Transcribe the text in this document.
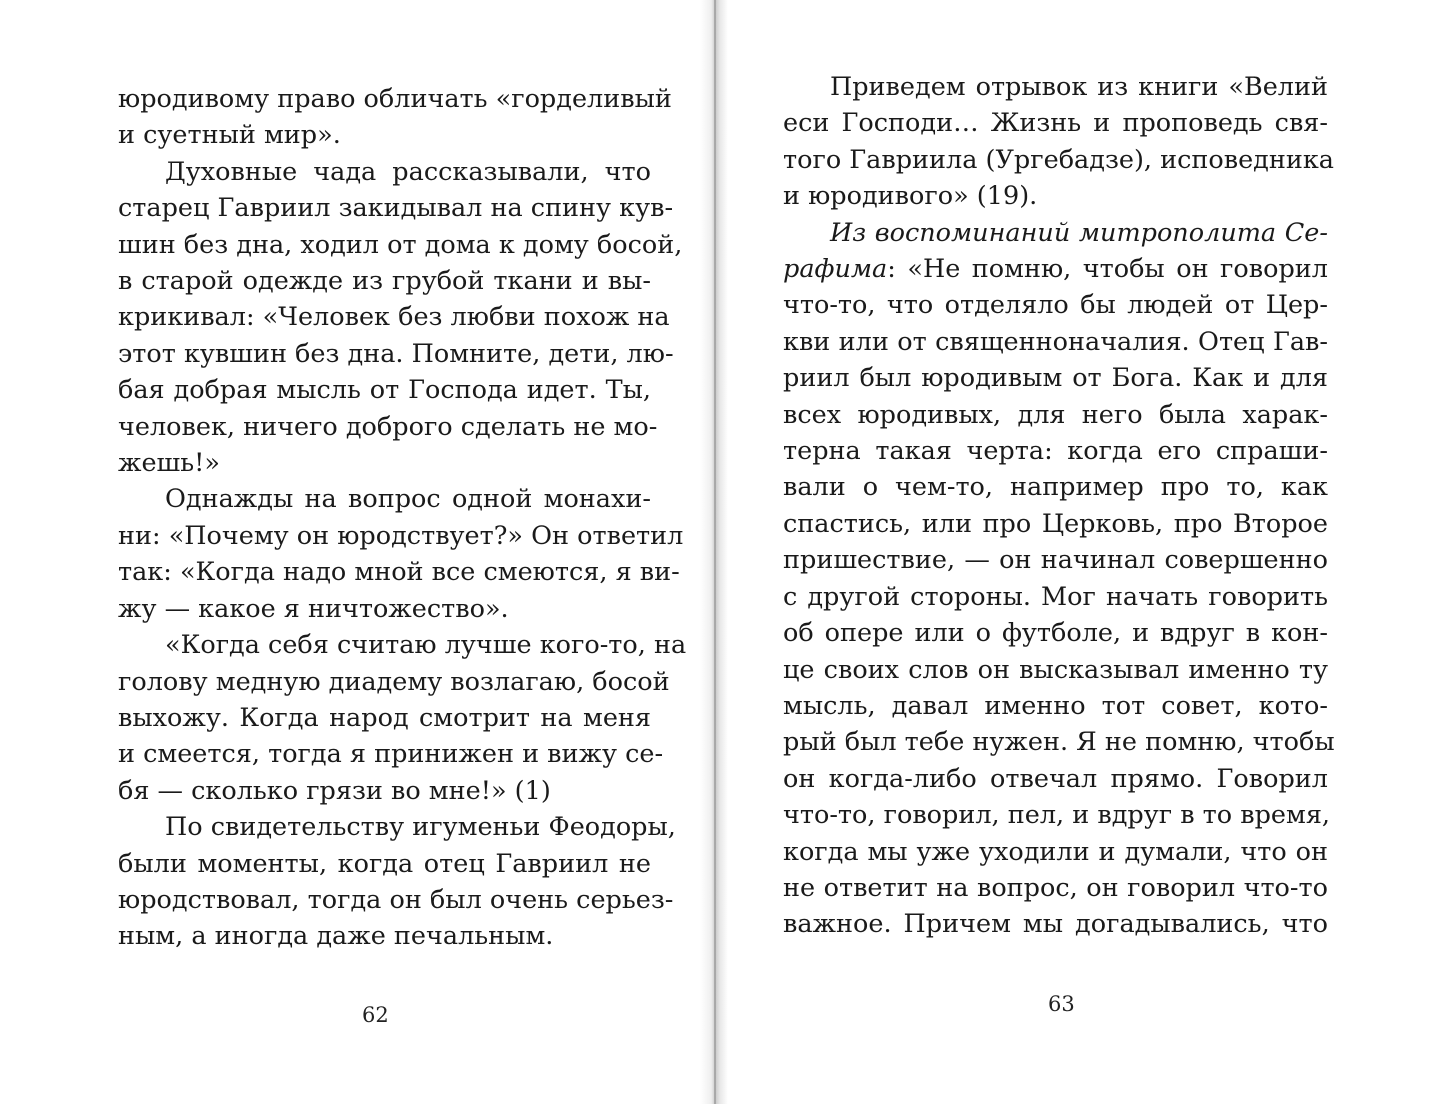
юродивому право обличать «горделивый
и суетный мир».
Духовные чада рассказывали, что
старец Гавриил закидывал на спину кув-
шин без дна, ходил от дома к дому босой,
в старой одежде из грубой ткани и вы-
крикивал: «Человек без любви похож на
этот кувшин без дна. Помните, дети, лю-
бая добрая мысль от Господа идет. Ты,
человек, ничего доброго сделать не мо-
жешь!»
Однажды на вопрос одной монахи-
ни: «Почему он юродствует?» Он ответил
так: «Когда надо мной все смеются, я ви-
жу — какое я ничтожество».
«Когда себя считаю лучше кого-то, на
голову медную диадему возлагаю, босой
выхожу. Когда народ смотрит на меня
и смеется, тогда я принижен и вижу се-
бя — сколько грязи во мне!» (1)
По свидетельству игуменьи Феодоры,
были моменты, когда отец Гавриил не
юродствовал, тогда он был очень серьез-
ным, а иногда даже печальным.
62
Приведем отрывок из книги «Велий
еси Господи… Жизнь и проповедь свя-
того Гавриила (Ургебадзе), исповедника
и юродивого» (19).
Из воспоминаний митрополита Се-
рафима: «Не помню, чтобы он говорил
что-то, что отделяло бы людей от Цер-
кви или от священноначалия. Отец Гав-
риил был юродивым от Бога. Как и для
всех юродивых, для него была харак-
терна такая черта: когда его спраши-
вали о чем-то, например про то, как
спастись, или про Церковь, про Второе
пришествие, — он начинал совершенно
с другой стороны. Мог начать говорить
об опере или о футболе, и вдруг в кон-
це своих слов он высказывал именно ту
мысль, давал именно тот совет, кото-
рый был тебе нужен. Я не помню, чтобы
он когда-либо отвечал прямо. Говорил
что-то, говорил, пел, и вдруг в то время,
когда мы уже уходили и думали, что он
не ответит на вопрос, он говорил что-то
важное. Причем мы догадывались, что
63
